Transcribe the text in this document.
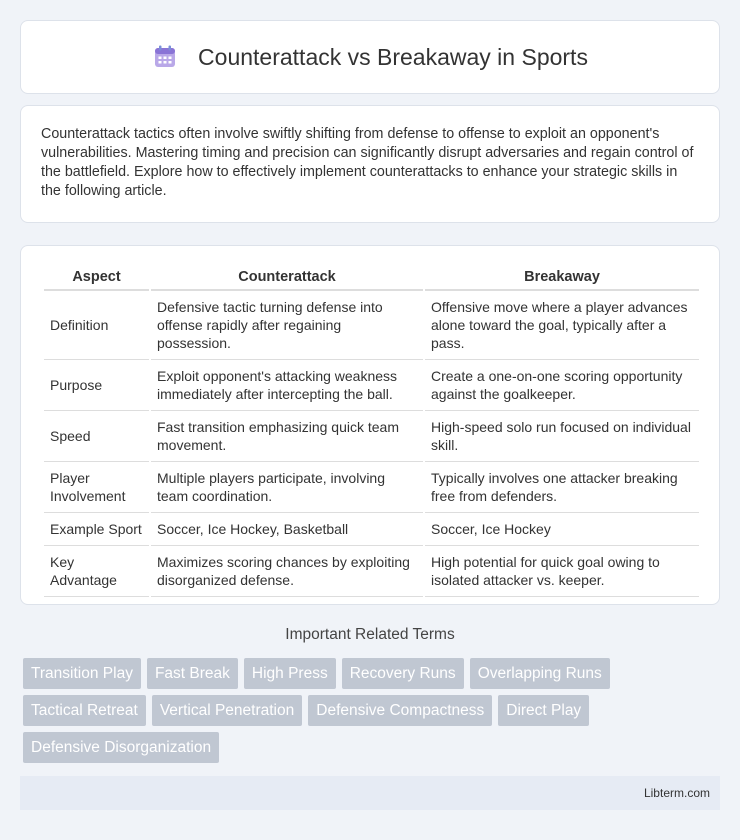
Counterattack vs Breakaway in Sports

Counterattack tactics often involve swiftly shifting from defense to offense to exploit an opponent's vulnerabilities. Mastering timing and precision can significantly disrupt adversaries and regain control of the battlefield. Explore how to effectively implement counterattacks to enhance your strategic skills in the following article.

Aspect	Counterattack	Breakaway
Definition	Defensive tactic turning defense into offense rapidly after regaining possession.	Offensive move where a player advances alone toward the goal, typically after a pass.
Purpose	Exploit opponent's attacking weakness immediately after intercepting the ball.	Create a one-on-one scoring opportunity against the goalkeeper.
Speed	Fast transition emphasizing quick team movement.	High-speed solo run focused on individual skill.
Player Involvement	Multiple players participate, involving team coordination.	Typically involves one attacker breaking free from defenders.
Example Sport	Soccer, Ice Hockey, Basketball	Soccer, Ice Hockey
Key Advantage	Maximizes scoring chances by exploiting disorganized defense.	High potential for quick goal owing to isolated attacker vs. keeper.
Important Related Terms
Transition Play	Fast Break	High Press	Recovery Runs	Overlapping Runs
Tactical Retreat	Vertical Penetration	Defensive Compactness	Direct Play
Defensive Disorganization
Libterm.com
